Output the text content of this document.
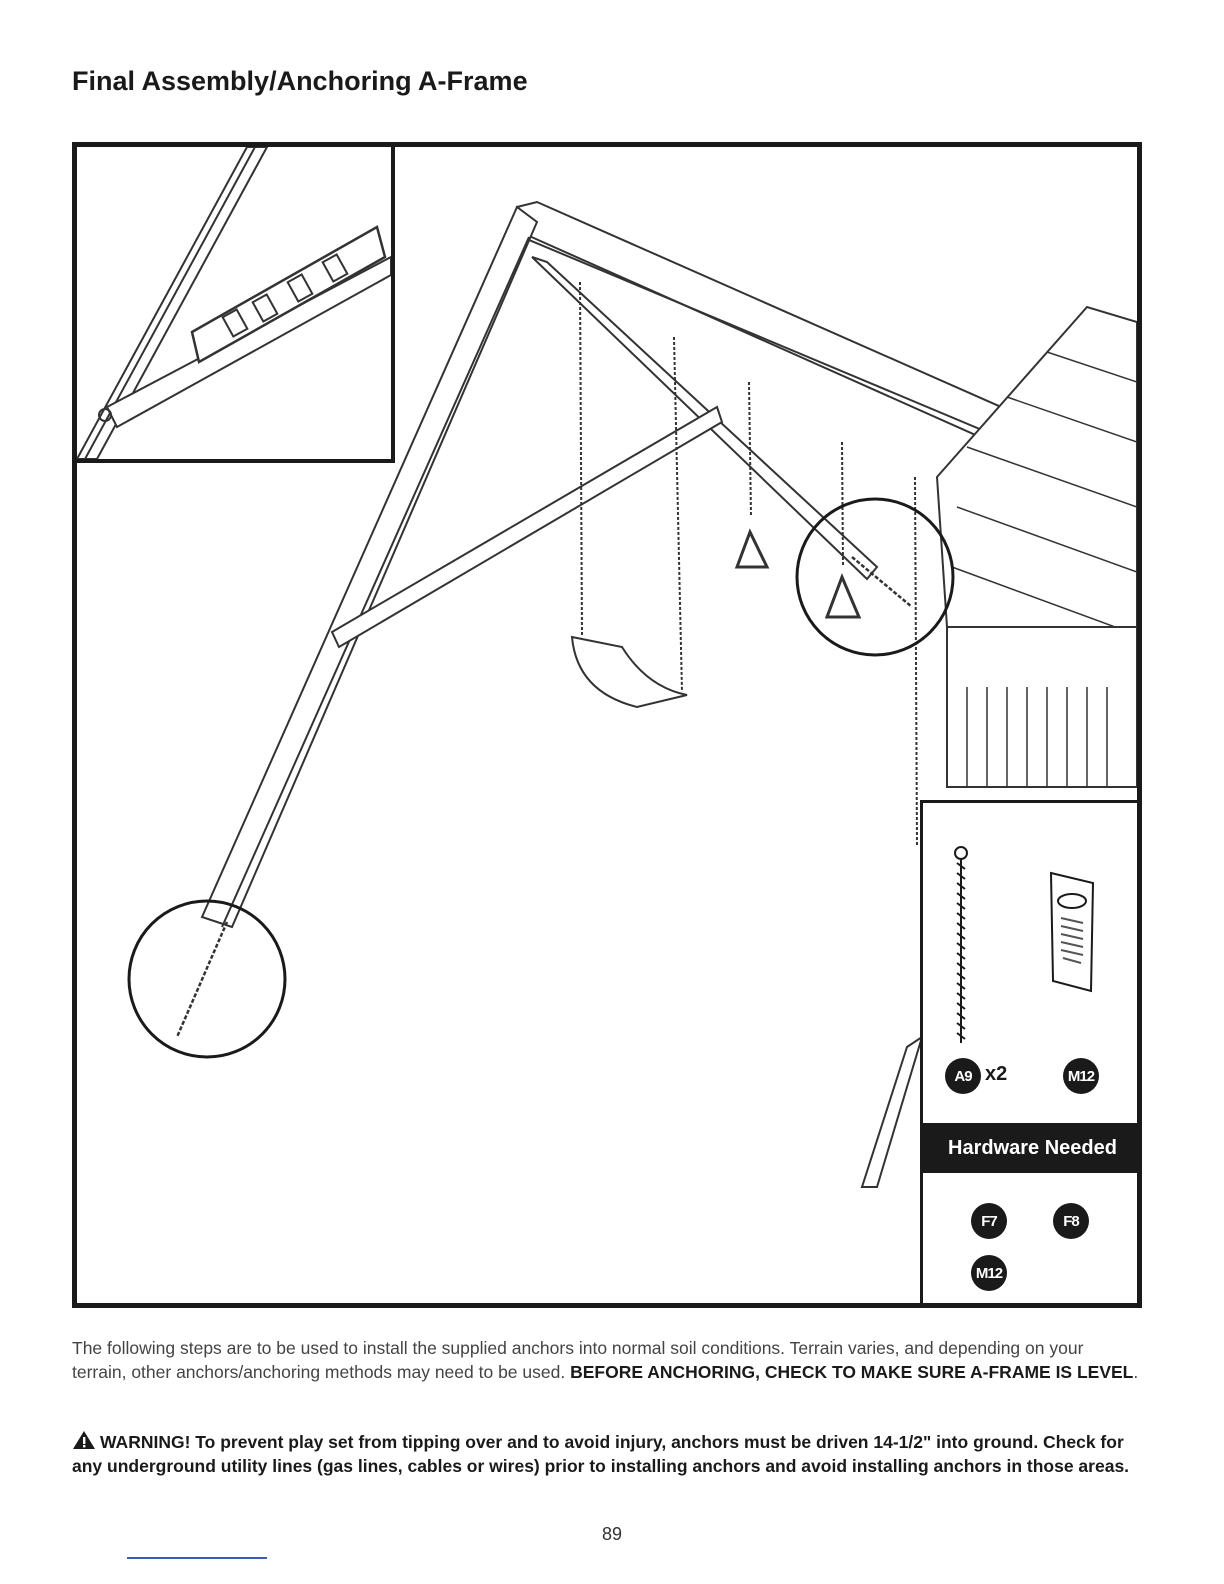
Final Assembly/Anchoring A-Frame
A9 x2	M12
Hardware Needed
F7	F8
M12

The following steps are to be used to install the supplied anchors into normal soil conditions. Terrain varies, and depending on your terrain, other anchors/anchoring methods may need to be used. BEFORE ANCHORING, CHECK TO MAKE SURE A-FRAME IS LEVEL.

WARNING! To prevent play set from tipping over and to avoid injury, anchors must be driven 14-1/2" into ground. Check for any underground utility lines (gas lines, cables or wires) prior to installing anchors and avoid installing anchors in those areas.

89
